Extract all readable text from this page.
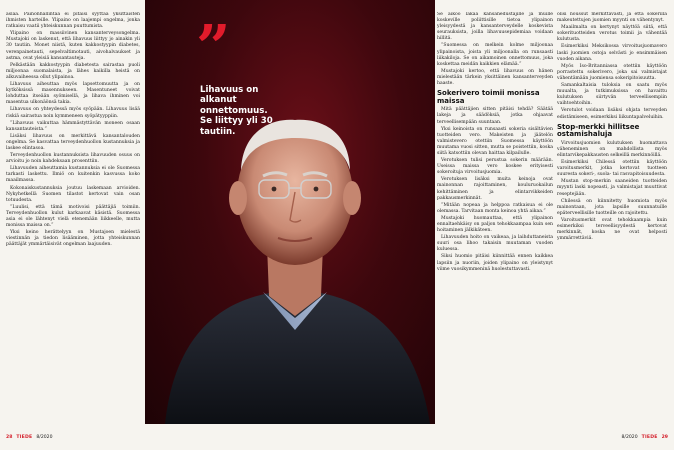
aslaa. Painonhallintaa ei pitäisi syyttää yksittäisten ihmisten harteille. Ylipaino on laajempi ongelma, jonka ratkaisu vaatii yhteiskunnan puuttumista.

Ylipaino on massiivinen kansanterveysongelma. Mustajoki on laskenut, että lihavuus liittyy jo ainakin yli 30 tautiin. Monet niistä, kuten kakkostyypin diabetes, verenpainetauti, sepelvaltimotauti, aivohalvaukset ja astma, ovat yleisiä kansantauteja.

Pelkästään kakkostyypin diabetesta sairastaa puoli miljoonaa suomalaista, ja lähes kaikilla heistä on alkuvaiheessa ollut ylipainoa.

Lihavuus aiheuttaa myös lapsettomuutta ja on kytköksissä masennukseen. Masentuneet voivat lohduttaa itseään syömisellä, ja lihava ihminen voi masentua ulkonäönsä takia.

Lihavuus on yhteydessä myös syöpään. Lihavuus lisää riskiä sairastua noin kymmeneen syöpätyyppiin.

”Lihavuus vaikuttaa hämmästyttävän moneen osaan kansantauteista.”

Lisäksi lihavuus on merkittävä kansantalouden ongelma. Se kasvattaa terveydenhuollon kustannuksia ja laskee elintasoa.

Terveydenhuollon kustannuksista lihavuuden osuus on arvioitu jo noin kahdeksaan prosenttiin.

Lihavuuden aiheuttamia kustannuksia ei ole Suomessa tarkasti laskettu. Ilmiö on kuitenkin kasvussa koko maailmassa.

Kokonaiskustannuksia joutuu laskemaan arvioiden. Nykyhetkellä Suomen tilastot kertovat vain osan totuudesta.

”Luulisi, että tämä motivoisi päättäjiä toimiin. Terveydenhuollon kulut karkaavat käsistä. Suomessa asia ei ole lähtenyt vielä etenemään liikkeelle, mutta monissa maissa on.”

Yksi keino herättelyyn on Mustajoen mielestä viestinnän ja tiedon lisääminen, jotta yhteiskunnan päättäjät ymmärtäisivät ongelman laajuuden.

Se aikoo lakaa kansanedustajille ja muille koskeville poliittisille tietoa ylipainon yleisyydestä ja kansanterveydelle koskevista seurauksista, joilla lihavuusepidemiaa voidaan hillitä.

”Suomessa on melkein kolme miljoonaa ylipainoista, joista yli miljoonalla on runsaasti liikakiloja. Se on aikamoinen onnettomuus, joka koskettaa meidän kaikkien elämää.”

Mustajoki kertoo, että lihavuus on hänen mielestään tärkein yksittäinen kansanterveyden haaste.

Sokerivero toimii monissa maissa

Mitä päättäjien sitten pitäisi tehdä? Säätää lakeja ja säädöksiä, jotka ohjaavat terveellisempään suuntaan.

Yksi keinoista on runsaasti sokeria sisältävien tuotteiden vero. Makeisten ja jäätelön valmistevero otettiin Suomessa käyttöön muutama vuosi sitten, mutta se poistettiin, koska siitä katsottiin olevan haittaa kilpailulle.

Verotuksen tulisi perustua sokerin määrään. Useissa maissa vero koskee erityisesti sokeroituja virvoitusjuomia.

Verotuksen lisäksi muita keinoja ovat mainonnan rajoittaminen, kouluruokailun kehittäminen ja elintarvikkeiden pakkausmerkinnät.

”Mitään nopeaa ja helppoa ratkaisua ei ole olemassa. Tarvitaan monta keinoa yhtä aikaa.”

Mustajoki huomauttaa, että ylipainon ennaltaehkäisy on paljon tehokkaampaa kuin sen hoitaminen jälkikäteen.

Lihavuuden hoito on vaikeaa, ja laihduttaneista suuri osa lihoo takaisin muutaman vuoden kuluessa.

Siksi huomio pitäisi kiinnittää ennen kaikkea lapsiin ja nuoriin, joiden ylipaino on yleistynyt viime vuosikymmeninä huolestuttavasti.

olisi noussut merkittävästi, ja että sokerilla makeutettujen juomien myynti on vähentynyt.

Maailmalta on kertynyt näyttöä siitä, että sokerituotteiden verotus toimii ja vähentää kulutusta.

Esimerkiksi Meksikossa virvoitusjuomavero laski juomien ostoja selvästi jo ensimmäisen vuoden aikana.

Myös Iso-Britanniassa otettiin käyttöön porrastettu sokerivero, joka sai valmistajat vähentämään juomiensa sokeripitoisuutta.

Samankaltaisia tuloksia on saatu myös muualta, ja tutkimuksissa on havaittu kulutuksen siirtyvän terveellisempiin vaihtoehtoihin.

Verotulot voidaan lisäksi ohjata terveyden edistämiseen, esimerkiksi liikuntapalveluihin.

Stop-merkki hillitsee ostamishaluja

Virvoitusjuomien kulutuksen huomattava väheneminen on mahdollista myös elintarvikepakkausten selkeillä merkinnöillä.

Esimerkiksi Chilessä otettiin käyttöön varoitusmerkit, jotka kertovat tuotteen suuresta sokeri-, suola- tai rasvapitoisuudesta.

Mustan stop-merkin saaneiden tuotteiden myynti laski nopeasti, ja valmistajat muuttivat reseptejään.

Chilessä on kiinnitetty huomiota myös mainontaan, jota lapsille suunnatuille epäterveellisille tuotteille on rajoitettu.

Varoitusmerkit ovat tehokkaampia kuin esimerkiksi terveellisyydestä kertovat merkinnät, koska ne ovat helposti ymmärrettäviä.

”
Lihavuus on alkanut onnettomuus. Se liittyy yli 30 tautiin.
28 TIEDE 8/2020	8/2020 TIEDE 29
